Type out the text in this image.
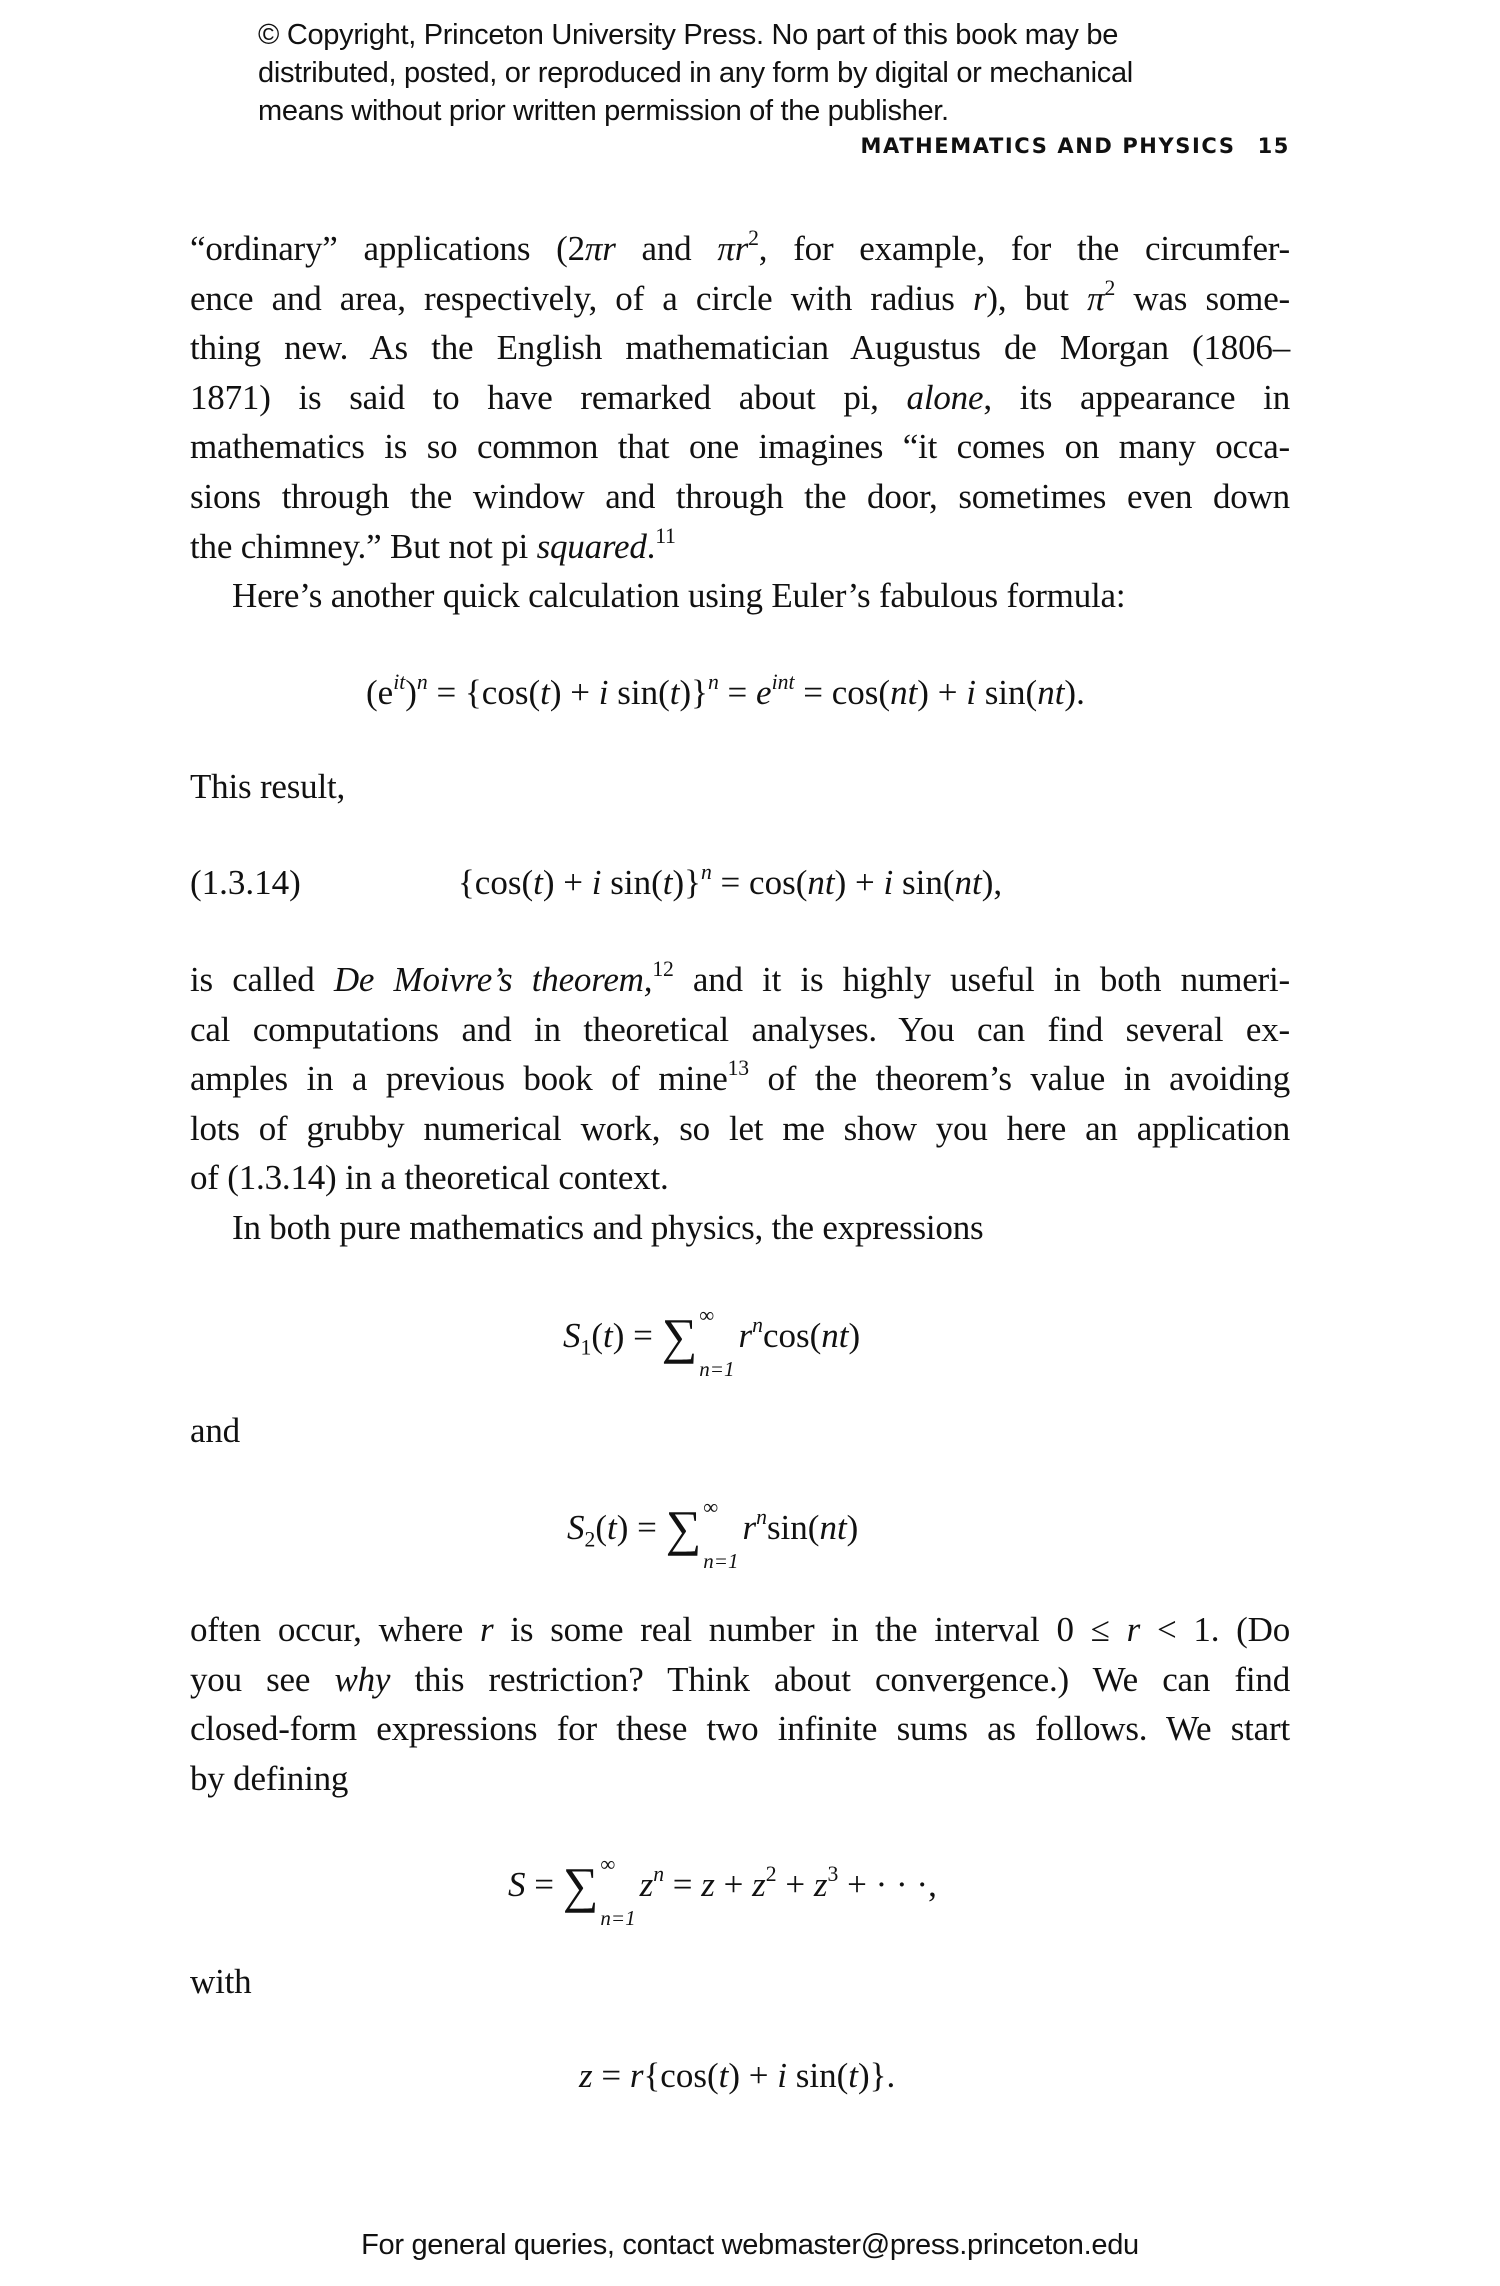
© Copyright, Princeton University Press. No part of this book may be
distributed, posted, or reproduced in any form by digital or mechanical
means without prior written permission of the publisher.
MATHEMATICS AND PHYSICS 15
“ordinary” applications (2πr and $\pi r^2$, for example, for the circumfer-
ence and area, respectively, of a circle with radius r), but $\pi^2$ was some-
thing new. As the English mathematician Augustus de Morgan (1806–
1871) is said to have remarked about pi, alone, its appearance in
mathematics is so common that one imagines “it comes on many occa-
sions through the window and through the door, sometimes even down
the chimney.” But not pi squared.$^{11}$
Here’s another quick calculation using Euler’s fabulous formula:
$(e^{it})^n = \{\cos(t) + i$ $\sin(t)\}^n = e^{int} = \cos(nt) + i$ sin(nt).
This result,
(1.3.14)	{cos(t) + i sin(t)}$^n$ = cos(nt) + i sin(nt),
is called De Moivre’s theorem,$^{12}$ and it is highly useful in both numeri-
cal computations and in theoretical analyses. You can find several ex-
amples in a previous book of mine$^{13}$ of the theorem’s value in avoiding
lots of grubby numerical work, so let me show you here an application
of (1.3.14) in a theoretical context.
In both pure mathematics and physics, the expressions
$S_1(t)$ = ∑ ∞
n=1
$r^n\cos(nt)$
and
$S_2(t)$ = ∑ ∞
n=1
$r^n\sin(nt)$
often occur, where r is some real number in the interval 0 ≤ r < 1. (Do
you see why this restriction? Think about convergence.) We can find
closed-form expressions for these two infinite sums as follows. We start
by defining
S = ∑ ∞
n=1
$z^n = z + z^2 + z^3$ + · · ·,
with
z = r{cos(t) + i sin(t)}.
For general queries, contact webmaster@press.princeton.edu
